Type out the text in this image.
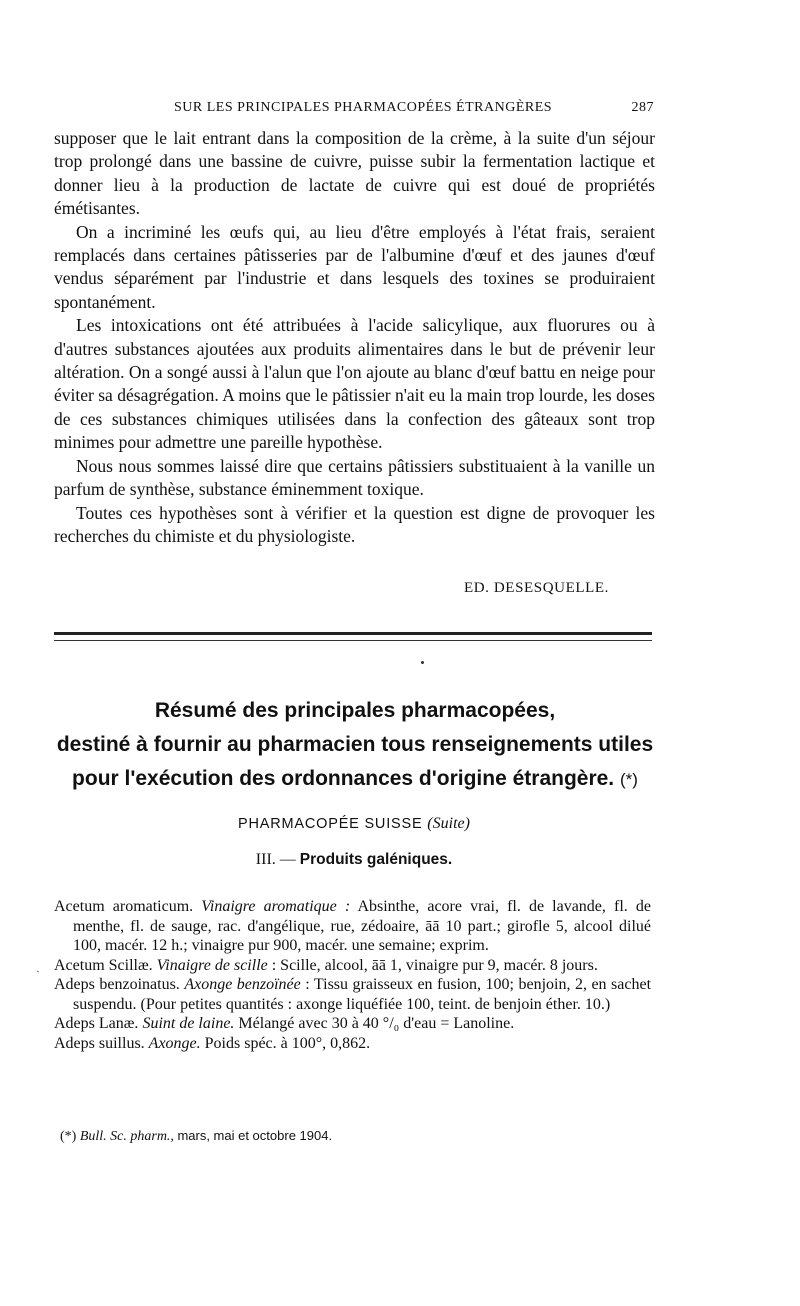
SUR LES PRINCIPALES PHARMACOPÉES ÉTRANGÈRES	287

supposer que le lait entrant dans la composition de la crème, à la suite d'un séjour trop prolongé dans une bassine de cuivre, puisse subir la fermentation lactique et donner lieu à la production de lactate de cuivre qui est doué de propriétés émétisantes.

On a incriminé les œufs qui, au lieu d'être employés à l'état frais, seraient remplacés dans certaines pâtisseries par de l'albumine d'œuf et des jaunes d'œuf vendus séparément par l'industrie et dans lesquels des toxines se produiraient spontanément.

Les intoxications ont été attribuées à l'acide salicylique, aux fluorures ou à d'autres substances ajoutées aux produits alimentaires dans le but de prévenir leur altération. On a songé aussi à l'alun que l'on ajoute au blanc d'œuf battu en neige pour éviter sa désagrégation. A moins que le pâtissier n'ait eu la main trop lourde, les doses de ces substances chimiques utilisées dans la confection des gâteaux sont trop minimes pour admettre une pareille hypothèse.

Nous nous sommes laissé dire que certains pâtissiers substituaient à la vanille un parfum de synthèse, substance éminemment toxique.

Toutes ces hypothèses sont à vérifier et la question est digne de provoquer les recherches du chimiste et du physiologiste.

ED. DESESQUELLE.
Résumé des principales pharmacopées,
destiné à fournir au pharmacien tous renseignements utiles
pour l'exécution des ordonnances d'origine étrangère. (*)
PHARMACOPÉE SUISSE (Suite)
III. — Produits galéniques.
`

Acetum aromaticum. Vinaigre aromatique : Absinthe, acore vrai, fl. de lavande, fl. de menthe, fl. de sauge, rac. d'angélique, rue, zédoaire, āā 10 part.; girofle 5, alcool dilué 100, macér. 12 h.; vinaigre pur 900, macér. une semaine; exprim.

Acetum Scillæ. Vinaigre de scille : Scille, alcool, āā 1, vinaigre pur 9, macér. 8 jours.

Adeps benzoinatus. Axonge benzoïnée : Tissu graisseux en fusion, 100; benjoin, 2, en sachet suspendu. (Pour petites quantités : axonge liquéfiée 100, teint. de benjoin éther. 10.)

Adeps Lanæ. Suint de laine. Mélangé avec 30 à 40 °/₀ d'eau = Lanoline.

Adeps suillus. Axonge. Poids spéc. à 100°, 0,862.

(*) Bull. Sc. pharm., mars, mai et octobre 1904.
